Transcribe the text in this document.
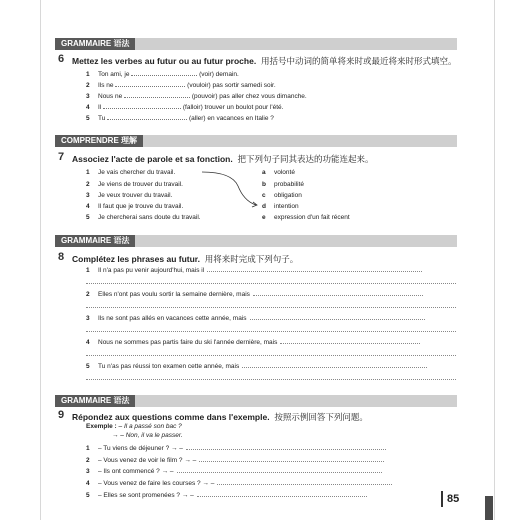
GRAMMAIRE 语法
6 Mettez les verbes au futur ou au futur proche. 用括号中动词的简单将来时或最近将来时形式填空。
1 Ton ami, je	(voir) demain.
2 Ils ne	(vouloir) pas sortir samedi soir.
3 Nous ne	(pouvoir) pas aller chez vous dimanche.
4 Il	(falloir) trouver un boulot pour l'été.
5 Tu	(aller) en vacances en Italie ?
COMPRENDRE 理解
7 Associez l'acte de parole et sa fonction. 把下列句子同其表达的功能连起来。
1 Je vais chercher du travail.
2 Je viens de trouver du travail.
3 Je veux trouver du travail.
4 Il faut que je trouve du travail.
5 Je chercherai sans doute du travail.
a volonté
b probabilité
c obligation
d intention
e expression d'un fait récent
GRAMMAIRE 语法
8 Complétez les phrases au futur. 用将来时完成下列句子。
1 Il n'a pas pu venir aujourd'hui, mais il
2 Elles n'ont pas voulu sortir la semaine dernière, mais
3 Ils ne sont pas allés en vacances cette année, mais
4 Nous ne sommes pas partis faire du ski l'année dernière, mais
5 Tu n'as pas réussi ton examen cette année, mais
GRAMMAIRE 语法
9 Répondez aux questions comme dans l'exemple. 按照示例回答下列问题。
Exemple : – Il a passé son bac ?
→ – Non, il va le passer.
1 – Tu viens de déjeuner ? → –
2 – Vous venez de voir le film ? → –
3 – Ils ont commencé ? → –
4 – Vous venez de faire les courses ? → –
5 – Elles se sont promenées ? → –	85
